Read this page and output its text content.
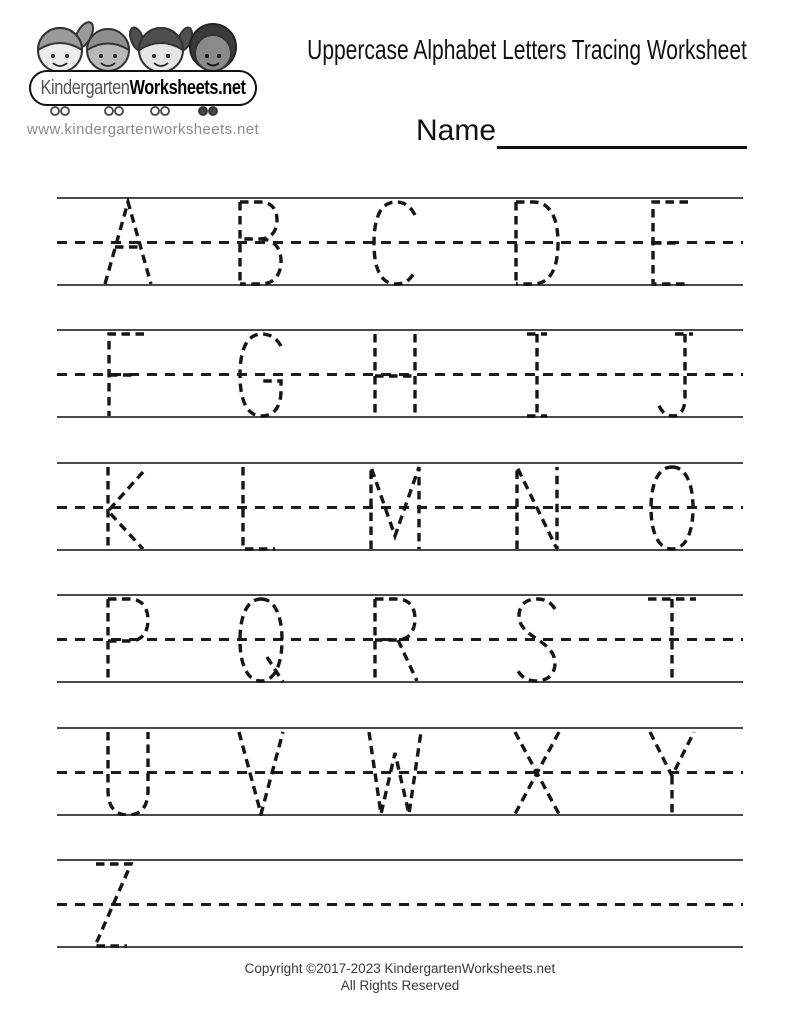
KindergartenWorksheets.net
www.kindergartenworksheets.net
Uppercase Alphabet Letters Tracing Worksheet
Name
Copyright ©2017-2023 KindergartenWorksheets.net
All Rights Reserved
